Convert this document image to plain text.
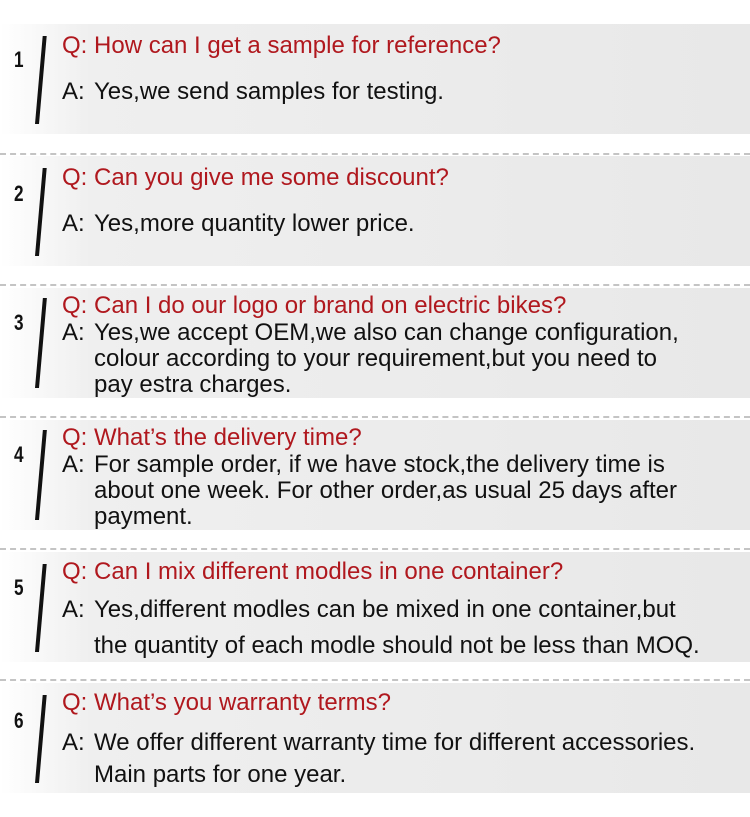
1
Q: How can I get a sample for reference?
A: Yes,we send samples for testing.
2
Q: Can you give me some discount?
A: Yes,more quantity lower price.
3
Q: Can I do our logo or brand on electric bikes?
A: Yes,we accept OEM,we also can change configuration,
colour according to your requirement,but you need to
pay estra charges.
4
Q: What’s the delivery time?
A: For sample order, if we have stock,the delivery time is
about one week. For other order,as usual 25 days after
payment.
5
Q: Can I mix different modles in one container?
A: Yes,different modles can be mixed in one container,but
the quantity of each modle should not be less than MOQ.
6
Q: What’s you warranty terms?
A: We offer different warranty time for different accessories.
Main parts for one year.
